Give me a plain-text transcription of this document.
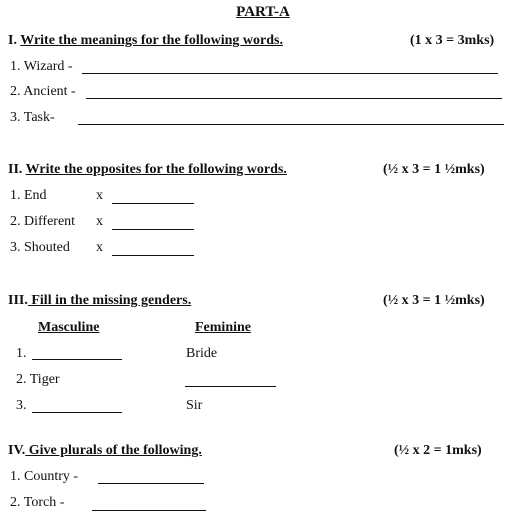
PART-A
I. Write the meanings for the following words.	(1 x 3 = 3mks)
1. Wizard -
2. Ancient -
3. Task-
II. Write the opposites for the following words.	(½ x 3 = 1 ½mks)
1. End	x
2. Different x
3. Shouted x
III. Fill in the missing genders.	(½ x 3 = 1 ½mks)
Masculine	Feminine
1.	Bride
2. Tiger
3.	Sir
IV. Give plurals of the following.	(½ x 2 = 1mks)
1. Country -
2. Torch -
